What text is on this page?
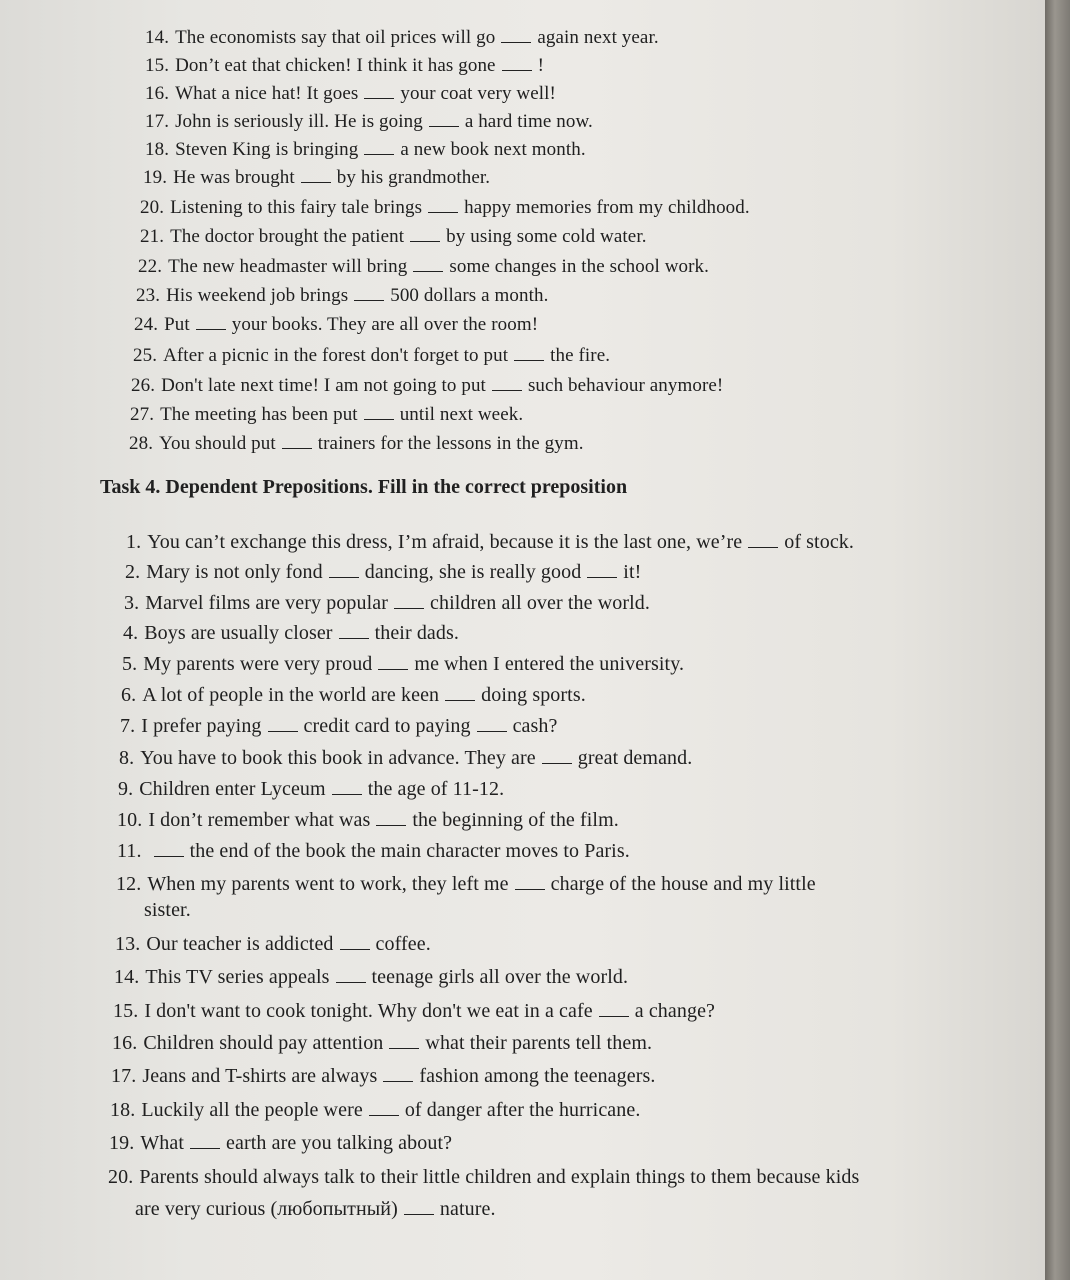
14. The economists say that oil prices will go again next year.
15. Don’t eat that chicken! I think it has gone !
16. What a nice hat! It goes your coat very well!
17. John is seriously ill. He is going a hard time now.
18. Steven King is bringing a new book next month.
19. He was brought by his grandmother.
20. Listening to this fairy tale brings happy memories from my childhood.
21. The doctor brought the patient by using some cold water.
22. The new headmaster will bring some changes in the school work.
23. His weekend job brings 500 dollars a month.
24. Put your books. They are all over the room!
25. After a picnic in the forest don't forget to put the fire.
26. Don't late next time! I am not going to put such behaviour anymore!
27. The meeting has been put until next week.
28. You should put trainers for the lessons in the gym.
Task 4. Dependent Prepositions. Fill in the correct preposition
1. You can’t exchange this dress, I’m afraid, because it is the last one, we’re of stock.
2. Mary is not only fond dancing, she is really good it!
3. Marvel films are very popular children all over the world.
4. Boys are usually closer their dads.
5. My parents were very proud me when I entered the university.
6. A lot of people in the world are keen doing sports.
7. I prefer paying credit card to paying cash?
8. You have to book this book in advance. They are great demand.
9. Children enter Lyceum the age of 11-12.
10. I don’t remember what was the beginning of the film.
11. the end of the book the main character moves to Paris.
12. When my parents went to work, they left me charge of the house and my little
sister.
13. Our teacher is addicted coffee.
14. This TV series appeals teenage girls all over the world.
15. I don't want to cook tonight. Why don't we eat in a cafe a change?
16. Children should pay attention what their parents tell them.
17. Jeans and T-shirts are always fashion among the teenagers.
18. Luckily all the people were of danger after the hurricane.
19. What earth are you talking about?
20. Parents should always talk to their little children and explain things to them because kids
are very curious (любопытный) nature.
